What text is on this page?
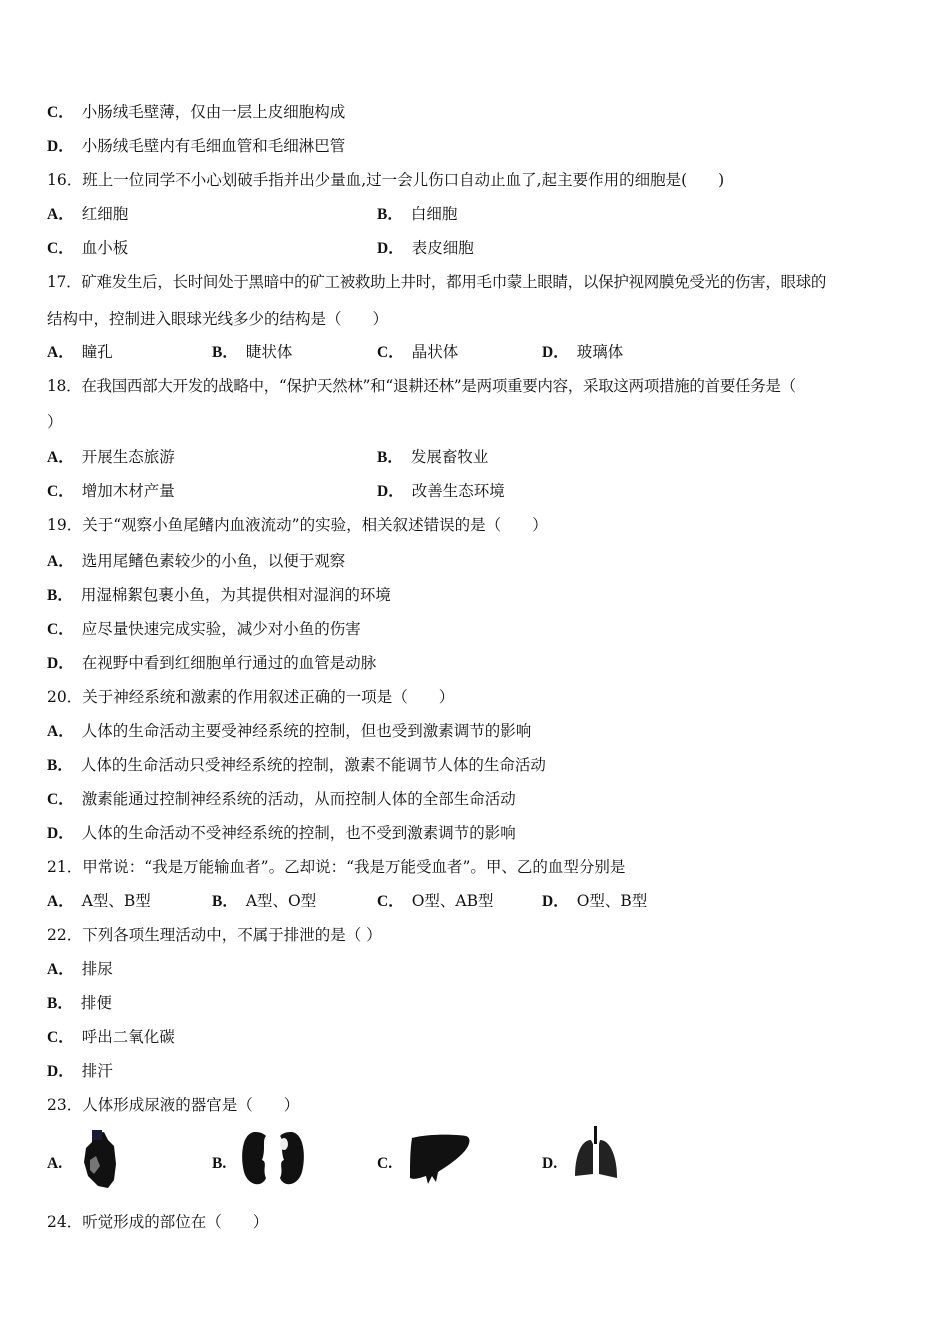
C． 小肠绒毛壁薄，仅由一层上皮细胞构成
D． 小肠绒毛壁内有毛细血管和毛细淋巴管
16．班上一位同学不小心划破手指并出少量血,过一会儿伤口自动止血了,起主要作用的细胞是(　　)
A． 红细胞	B． 白细胞
C． 血小板	D． 表皮细胞
17．矿难发生后，长时间处于黑暗中的矿工被救助上井时，都用毛巾蒙上眼睛，以保护视网膜免受光的伤害，眼球的
结构中，控制进入眼球光线多少的结构是（　　）
A． 瞳孔	B． 睫状体	C． 晶状体	D． 玻璃体
18．在我国西部大开发的战略中，“保护天然林”和“退耕还林”是两项重要内容，采取这两项措施的首要任务是（
）
A． 开展生态旅游	B． 发展畜牧业
C． 增加木材产量	D． 改善生态环境
19．关于“观察小鱼尾鳍内血液流动”的实验，相关叙述错误的是（　　）
A． 选用尾鳍色素较少的小鱼，以便于观察
B． 用湿棉絮包裹小鱼，为其提供相对湿润的环境
C． 应尽量快速完成实验，减少对小鱼的伤害
D． 在视野中看到红细胞单行通过的血管是动脉
20．关于神经系统和激素的作用叙述正确的一项是（　　）
A． 人体的生命活动主要受神经系统的控制，但也受到激素调节的影响
B． 人体的生命活动只受神经系统的控制，激素不能调节人体的生命活动
C． 激素能通过控制神经系统的活动，从而控制人体的全部生命活动
D． 人体的生命活动不受神经系统的控制，也不受到激素调节的影响
21．甲常说：“我是万能输血者”。乙却说：“我是万能受血者”。甲、乙的血型分别是
A． A型、B型	B． A型、O型	C． O型、AB型	D． O型、B型
22．下列各项生理活动中，不属于排泄的是（ ）
A． 排尿
B． 排便
C． 呼出二氧化碳
D． 排汗
23．人体形成尿液的器官是（　　）
A.	B.	C.	D.
24．听觉形成的部位在（　　）
